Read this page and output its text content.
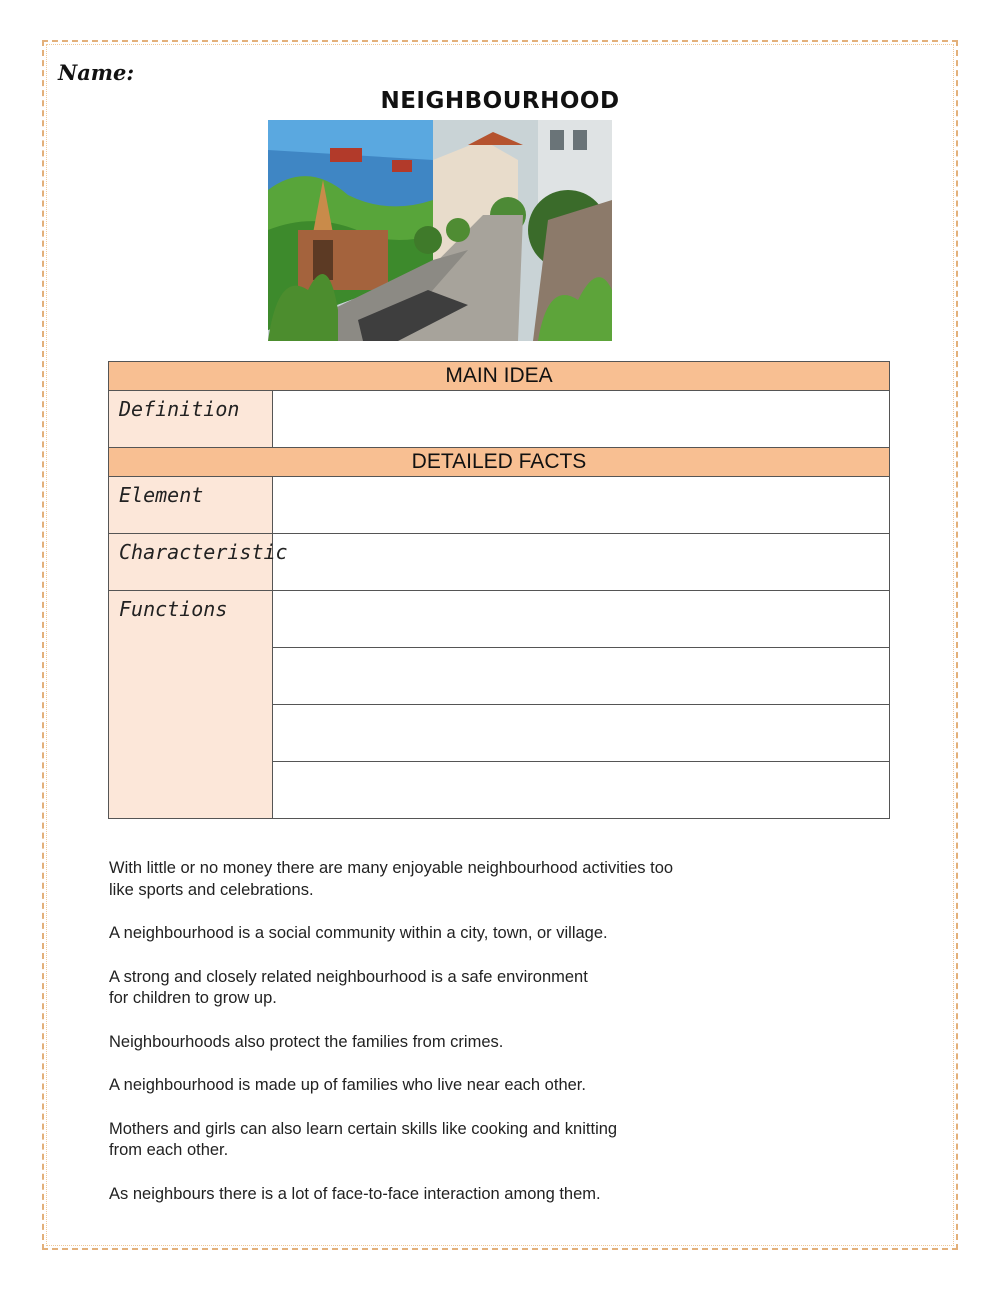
Name:
NEIGHBOURHOOD
MAIN IDEA	
Definition	
DETAILED FACTS	
Element	
Characteristic	
Functions	

With little or no money there are many enjoyable neighbourhood activities too
like sports and celebrations.

A neighbourhood is a social community within a city, town, or village.

A strong and closely related neighbourhood is a safe environment
for children to grow up.

Neighbourhoods also protect the families from crimes.

A neighbourhood is made up of families who live near each other.

Mothers and girls can also learn certain skills like cooking and knitting
from each other.

As neighbours there is a lot of face-to-face interaction among them.
